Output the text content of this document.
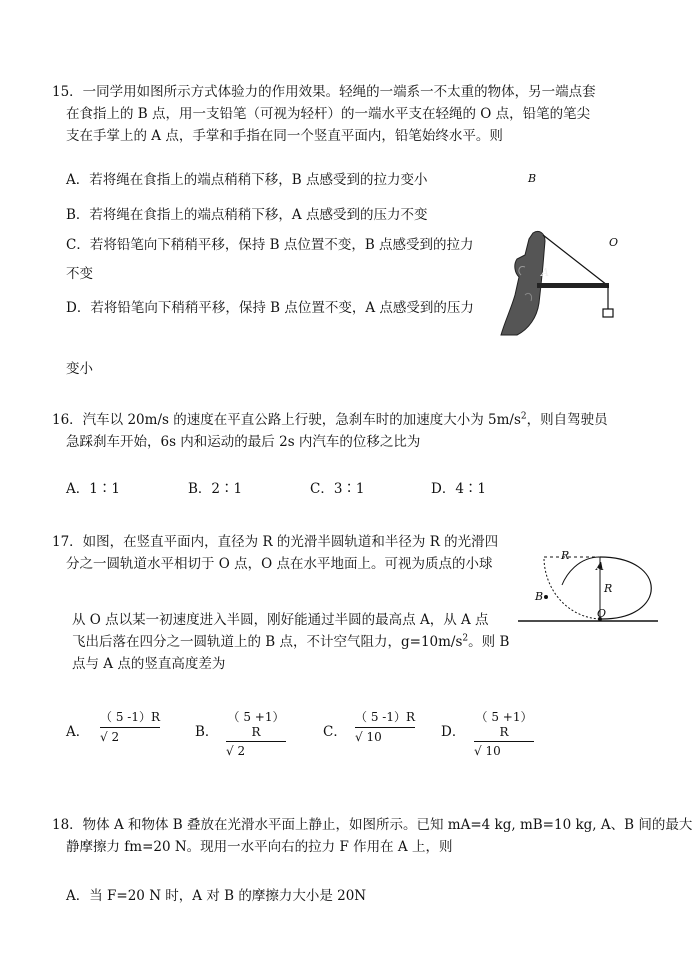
15．一同学用如图所示方式体验力的作用效果。轻绳的一端系一不太重的物体，另一端点套
在食指上的 B 点，用一支铅笔（可视为轻杆）的一端水平支在轻绳的 O 点，铅笔的笔尖
支在手掌上的 A 点，手掌和手指在同一个竖直平面内，铅笔始终水平。则
A．若将绳在食指上的端点稍稍下移，B 点感受到的拉力变小
B．若将绳在食指上的端点稍稍下移，A 点感受到的压力不变
C．若将铅笔向下稍稍平移，保持 B 点位置不变，B 点感受到的拉力
不变
D．若将铅笔向下稍稍平移，保持 B 点位置不变，A 点感受到的压力
变小
B
O
A
16．汽车以 20m/s 的速度在平直公路上行驶，急刹车时的加速度大小为 $5m/s^2$，则自驾驶员
急踩刹车开始，6s 内和运动的最后 2s 内汽车的位移之比为
A．1∶1	B．2∶1	C．3∶1	D．4∶1
17．如图，在竖直平面内，直径为 R 的光滑半圆轨道和半径为 R 的光滑四
分之一圆轨道水平相切于 O 点，O 点在水平地面上。可视为质点的小球
从 O 点以某一初速度进入半圆，刚好能通过半圆的最高点 A，从 A 点
飞出后落在四分之一圆轨道上的 B 点，不计空气阻力，$g=10m/s^2$。则 B
点与 A 点的竖直高度差为
R
A
R
B
O
A． $\frac{( 5 -1)R}{√ 2}$	B． $\frac{( 5 +1)R}{√ 2}$	C． $\frac{( 5 -1)R}{√ 10}$ D． $\frac{( 5 +1)R}{√ 10}$
18．物体 A 和物体 B 叠放在光滑水平面上静止，如图所示。已知 mA=4 kg, mB=10 kg, A、B 间的最大
静摩擦力 fm=20 N。现用一水平向右的拉力 F 作用在 A 上，则
A．当 F=20 N 时，A 对 B 的摩擦力大小是 20N
